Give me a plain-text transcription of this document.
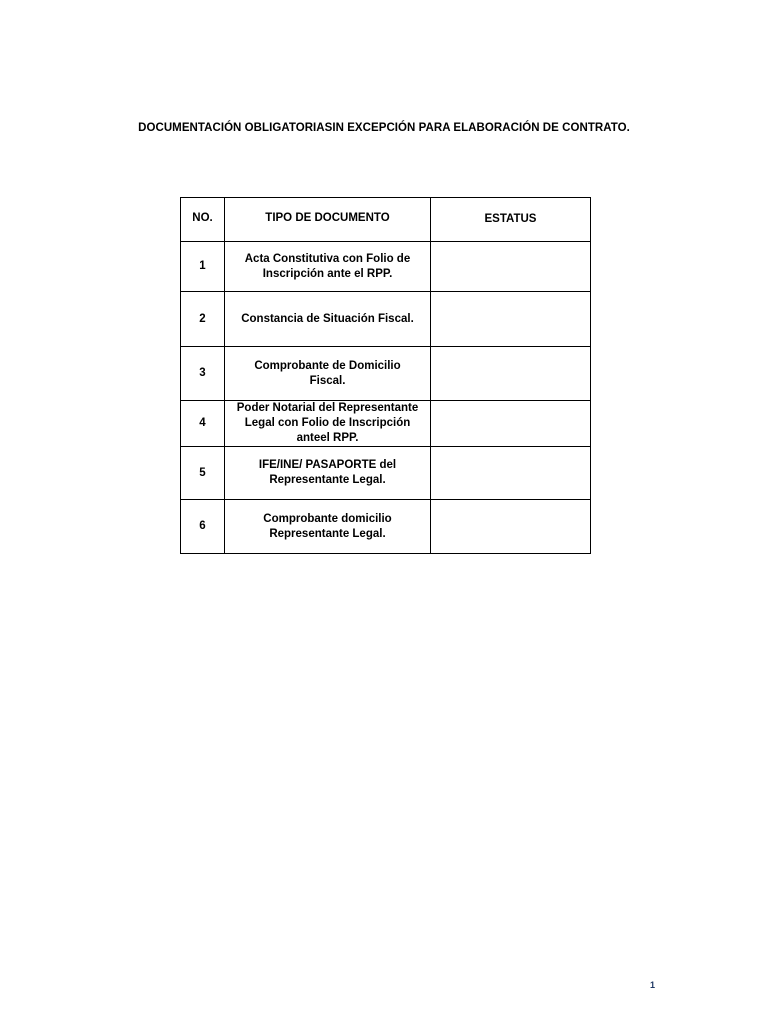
DOCUMENTACIÓN OBLIGATORIASIN EXCEPCIÓN PARA ELABORACIÓN DE CONTRATO.
NO.	TIPO DE DOCUMENTO	ESTATUS
1	Acta Constitutiva con Folio de Inscripción ante el RPP.	
2	Constancia de Situación Fiscal.	
3	Comprobante de Domicilio Fiscal.	
4	Poder Notarial del Representante Legal con Folio de Inscripción anteel RPP.	
5	IFE/INE/ PASAPORTE del Representante Legal.	
6	Comprobante domicilio Representante Legal.	
1
